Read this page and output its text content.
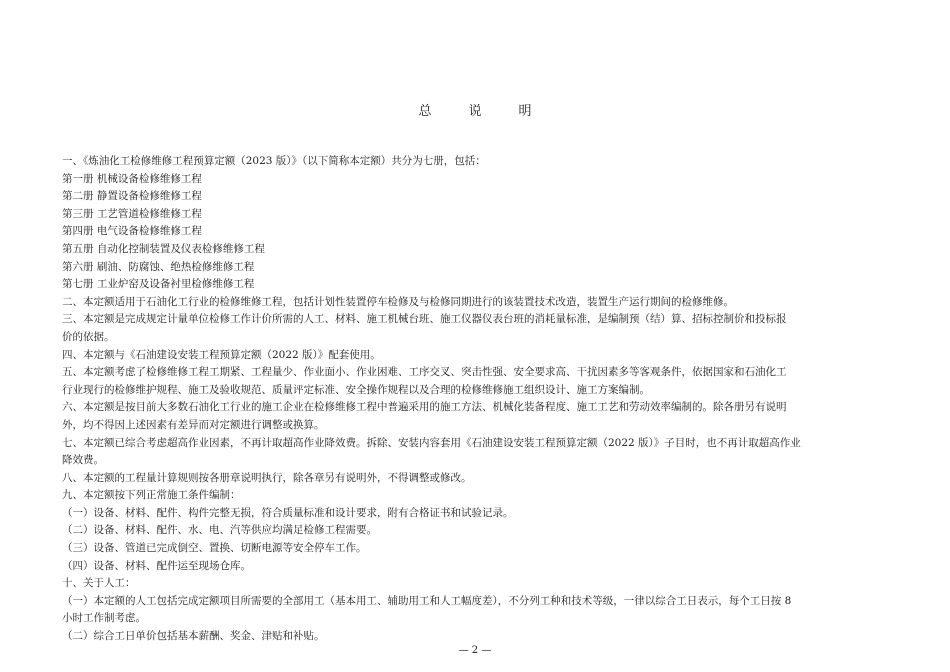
总　说　明
一、《炼油化工检修维修工程预算定额（2023 版）》（以下简称本定额）共分为七册，包括：
第一册 机械设备检修维修工程
第二册 静置设备检修维修工程
第三册 工艺管道检修维修工程
第四册 电气设备检修维修工程
第五册 自动化控制装置及仪表检修维修工程
第六册 刷油、防腐蚀、绝热检修维修工程
第七册 工业炉窑及设备衬里检修维修工程
二、本定额适用于石油化工行业的检修维修工程，包括计划性装置停车检修及与检修同期进行的该装置技术改造，装置生产运行期间的检修维修。
三、本定额是完成规定计量单位检修工作计价所需的人工、材料、施工机械台班、施工仪器仪表台班的消耗量标准，是编制预（结）算、招标控制价和投标报
价的依据。
四、本定额与《石油建设安装工程预算定额（2022 版）》配套使用。
五、本定额考虑了检修维修工程工期紧、工程量少、作业面小、作业困难、工序交叉、突击性强、安全要求高、干扰因素多等客观条件，依据国家和石油化工
行业现行的检修维护规程、施工及验收规范、质量评定标准、安全操作规程以及合理的检修维修施工组织设计、施工方案编制。
六、本定额是按目前大多数石油化工行业的施工企业在检修维修工程中普遍采用的施工方法、机械化装备程度、施工工艺和劳动效率编制的。除各册另有说明
外，均不得因上述因素有差异而对定额进行调整或换算。
七、本定额已综合考虑超高作业因素，不再计取超高作业降效费。拆除、安装内容套用《石油建设安装工程预算定额（2022 版）》子目时，也不再计取超高作业
降效费。
八、本定额的工程量计算规则按各册章说明执行，除各章另有说明外，不得调整或修改。
九、本定额按下列正常施工条件编制：
（一）设备、材料、配件、构件完整无损，符合质量标准和设计要求，附有合格证书和试验记录。
（二）设备、材料、配件、水、电、汽等供应均满足检修工程需要。
（三）设备、管道已完成倒空、置换、切断电源等安全停车工作。
（四）设备、材料、配件运至现场仓库。
十、关于人工：
（一）本定额的人工包括完成定额项目所需要的全部用工（基本用工、辅助用工和人工幅度差），不分列工种和技术等级，一律以综合工日表示，每个工日按 8
小时工作制考虑。
（二）综合工日单价包括基本薪酬、奖金、津贴和补贴。
— 2 —
